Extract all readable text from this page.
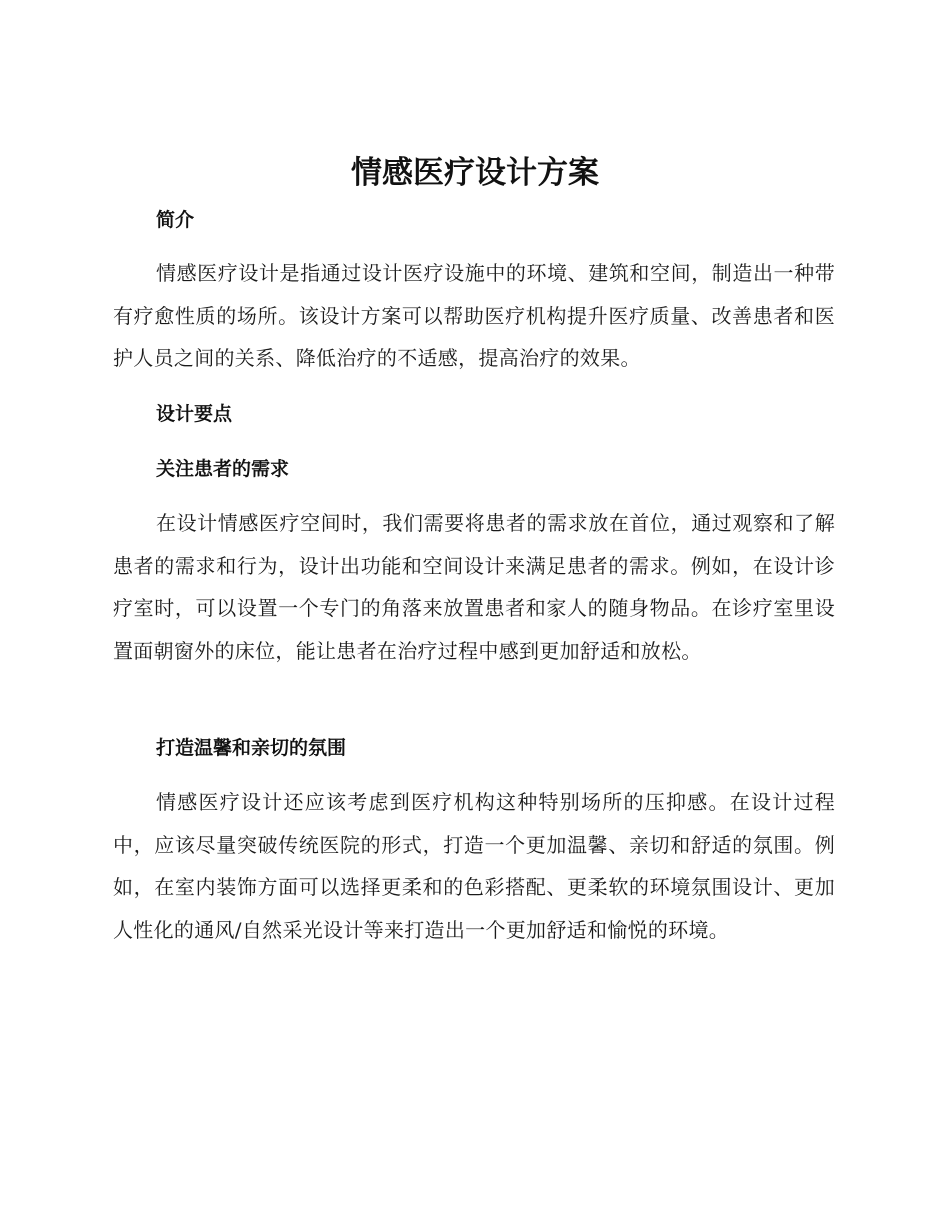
情感医疗设计方案
简介

情感医疗设计是指通过设计医疗设施中的环境、建筑和空间，制造出一种带有疗愈性质的场所。该设计方案可以帮助医疗机构提升医疗质量、改善患者和医护人员之间的关系、降低治疗的不适感，提高治疗的效果。

设计要点
关注患者的需求

在设计情感医疗空间时，我们需要将患者的需求放在首位，通过观察和了解患者的需求和行为，设计出功能和空间设计来满足患者的需求。例如，在设计诊疗室时，可以设置一个专门的角落来放置患者和家人的随身物品。在诊疗室里设置面朝窗外的床位，能让患者在治疗过程中感到更加舒适和放松。

打造温馨和亲切的氛围

情感医疗设计还应该考虑到医疗机构这种特别场所的压抑感。在设计过程中，应该尽量突破传统医院的形式，打造一个更加温馨、亲切和舒适的氛围。例如，在室内装饰方面可以选择更柔和的色彩搭配、更柔软的环境氛围设计、更加人性化的通风/自然采光设计等来打造出一个更加舒适和愉悦的环境。
